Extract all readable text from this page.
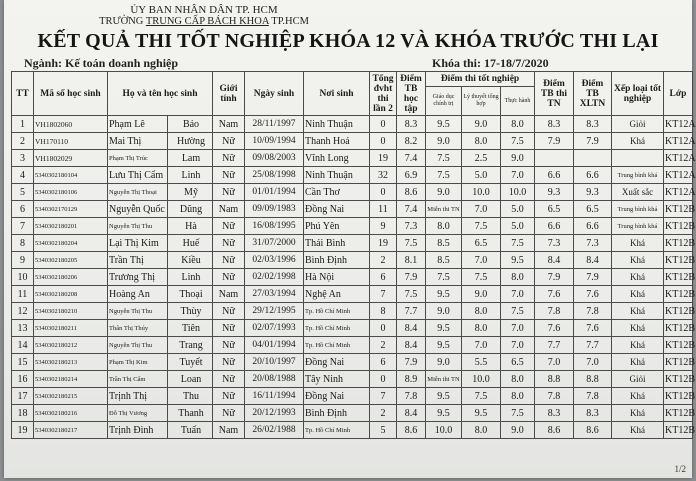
ỦY BAN NHÂN DÂN TP. HCM
TRƯỜNG TRUNG CẤP BÁCH KHOA TP.HCM
KẾT QUẢ THI TỐT NGHIỆP KHÓA 12 VÀ KHÓA TRƯỚC THI LẠI
Ngành: Kế toán doanh nghiệp	Khóa thi: 17-18/7/2020
TT	Mã số học sinh	Họ và tên học sinh		Giới tính	Ngày sinh	Nơi sinh	Tổng đvht thi lần 2	Điểm TB học tập	Điểm thi tốt nghiệp			Điểm TB thi TN	Điểm TB XLTN	Xếp loại tốt nghiệp	Lớp
									Giáo dục chính trị	Lý thuyết tổng hợp	Thực hành				
1	VH1802060	Phạm Lê	Bảo	Nam	28/11/1997	Ninh Thuận	0	8.3	9.5	9.0	8.0	8.3	8.3	Giỏi	KT12A
2	VH170110	Mai Thị	Hường	Nữ	10/09/1994	Thanh Hoá	0	8.2	9.0	8.0	7.5	7.9	7.9	Khá	KT12A
3	VH1802029	Phạm Thị Trúc	Lam	Nữ	09/08/2003	Vĩnh Long	19	7.4	7.5	2.5	9.0				KT12A
4	5340302180104	Lưu Thị Cẩm	Linh	Nữ	25/08/1998	Ninh Thuận	32	6.9	7.5	5.0	7.0	6.6	6.6	Trung bình khá	KT12A
5	5340302180106	Nguyễn Thị Thoại	Mỹ	Nữ	01/01/1994	Cần Thơ	0	8.6	9.0	10.0	10.0	9.3	9.3	Xuất sắc	KT12A
6	5340302170129	Nguyễn Quốc	Dũng	Nam	09/09/1983	Đồng Nai	11	7.4	Miễn thi TN	7.0	5.0	6.5	6.5	Trung bình khá	KT12B
7	5340302180201	Nguyễn Thị Thu	Hà	Nữ	16/08/1995	Phú Yên	9	7.3	8.0	7.5	5.0	6.6	6.6	Trung bình khá	KT12B
8	5340302180204	Lại Thị Kim	Huế	Nữ	31/07/2000	Thái Bình	19	7.5	8.5	6.5	7.5	7.3	7.3	Khá	KT12B
9	5340302180205	Trần Thị	Kiều	Nữ	02/03/1996	Bình Định	2	8.1	8.5	7.0	9.5	8.4	8.4	Khá	KT12B
10	5340302180206	Trương Thị	Linh	Nữ	02/02/1998	Hà Nội	6	7.9	7.5	7.5	8.0	7.9	7.9	Khá	KT12B
11	5340302180208	Hoàng An	Thoại	Nam	27/03/1994	Nghệ An	7	7.5	9.5	9.0	7.0	7.6	7.6	Khá	KT12B
12	5340302180210	Nguyễn Thị Thu	Thùy	Nữ	29/12/1995	Tp. Hồ Chí Minh	8	7.7	9.0	8.0	7.5	7.8	7.8	Khá	KT12B
13	5340302180211	Thân Thị Thúy	Tiên	Nữ	02/07/1993	Tp. Hồ Chí Minh	0	8.4	9.5	8.0	7.0	7.6	7.6	Khá	KT12B
14	5340302180212	Nguyễn Thị Thu	Trang	Nữ	04/01/1994	Tp. Hồ Chí Minh	2	8.4	9.5	7.0	7.0	7.7	7.7	Khá	KT12B
15	5340302180213	Phạm Thị Kim	Tuyết	Nữ	20/10/1997	Đồng Nai	6	7.9	9.0	5.5	6.5	7.0	7.0	Khá	KT12B
16	5340302180214	Trần Thị Cẩm	Loan	Nữ	20/08/1988	Tây Ninh	0	8.9	Miễn thi TN	10.0	8.0	8.8	8.8	Giỏi	KT12B
17	5340302180215	Trịnh Thị	Thu	Nữ	16/11/1994	Đồng Nai	7	7.8	9.5	7.5	8.0	7.8	7.8	Khá	KT12B
18	5340302180216	Đỗ Thị Vương	Thanh	Nữ	20/12/1993	Bình Định	2	8.4	9.5	9.5	7.5	8.3	8.3	Khá	KT12B
19	5340302180217	Trịnh Đình	Tuấn	Nam	26/02/1988	Tp. Hồ Chí Minh	5	8.6	10.0	8.0	9.0	8.6	8.6	Khá	KT12B
1/2
